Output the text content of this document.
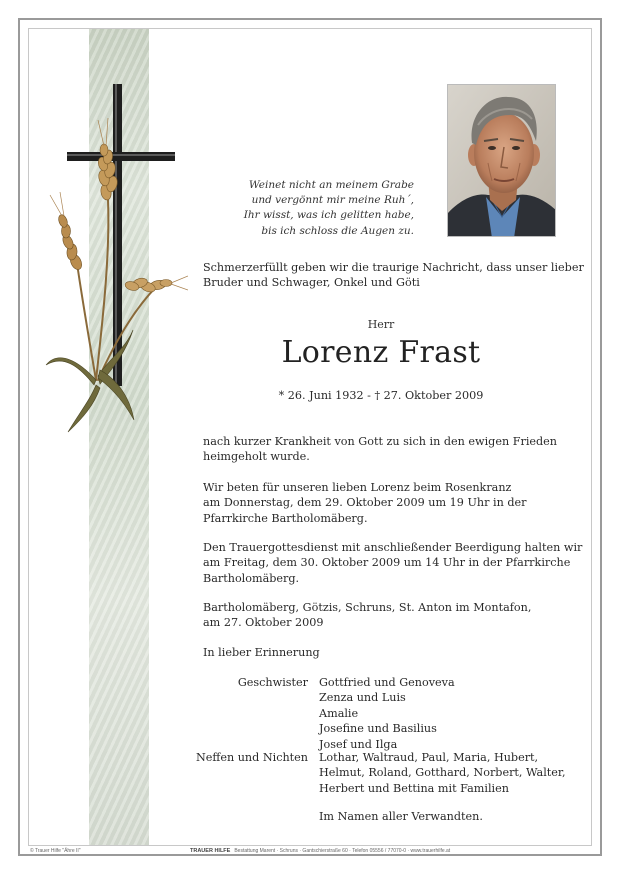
Weinet nicht an meinem Grabe
und vergönnt mir meine Ruh´,
Ihr wisst, was ich gelitten habe,
bis ich schloss die Augen zu.
Schmerzerfüllt geben wir die traurige Nachricht, dass unser lieber
Bruder und Schwager, Onkel und Göti
Herr
Lorenz Frast
* 26. Juni 1932 - † 27. Oktober 2009
nach kurzer Krankheit von Gott zu sich in den ewigen Frieden
heimgeholt wurde.
Wir beten für unseren lieben Lorenz beim Rosenkranz
am Donnerstag, dem 29. Oktober 2009 um 19 Uhr in der
Pfarrkirche Bartholomäberg.
Den Trauergottesdienst mit anschließender Beerdigung halten wir
am Freitag, dem 30. Oktober 2009 um 14 Uhr in der Pfarrkirche
Bartholomäberg.
Bartholomäberg, Götzis, Schruns, St. Anton im Montafon,
am 27. Oktober 2009
In lieber Erinnerung
Geschwister Gottfried und Genoveva
Zenza und Luis
Amalie
Josefine und Basilius
Josef und Ilga
Neffen und Nichten Lothar, Waltraud, Paul, Maria, Hubert,
Helmut, Roland, Gotthard, Norbert, Walter,
Herbert und Bettina mit Familien
Im Namen aller Verwandten.
© Trauer Hilfe "Ähre II"	TRAUER HILFE Bestattung Marent · Schruns · Gantschierstraße 60 · Telefon 05556 / 77070-0 · www.trauerhilfe.at
